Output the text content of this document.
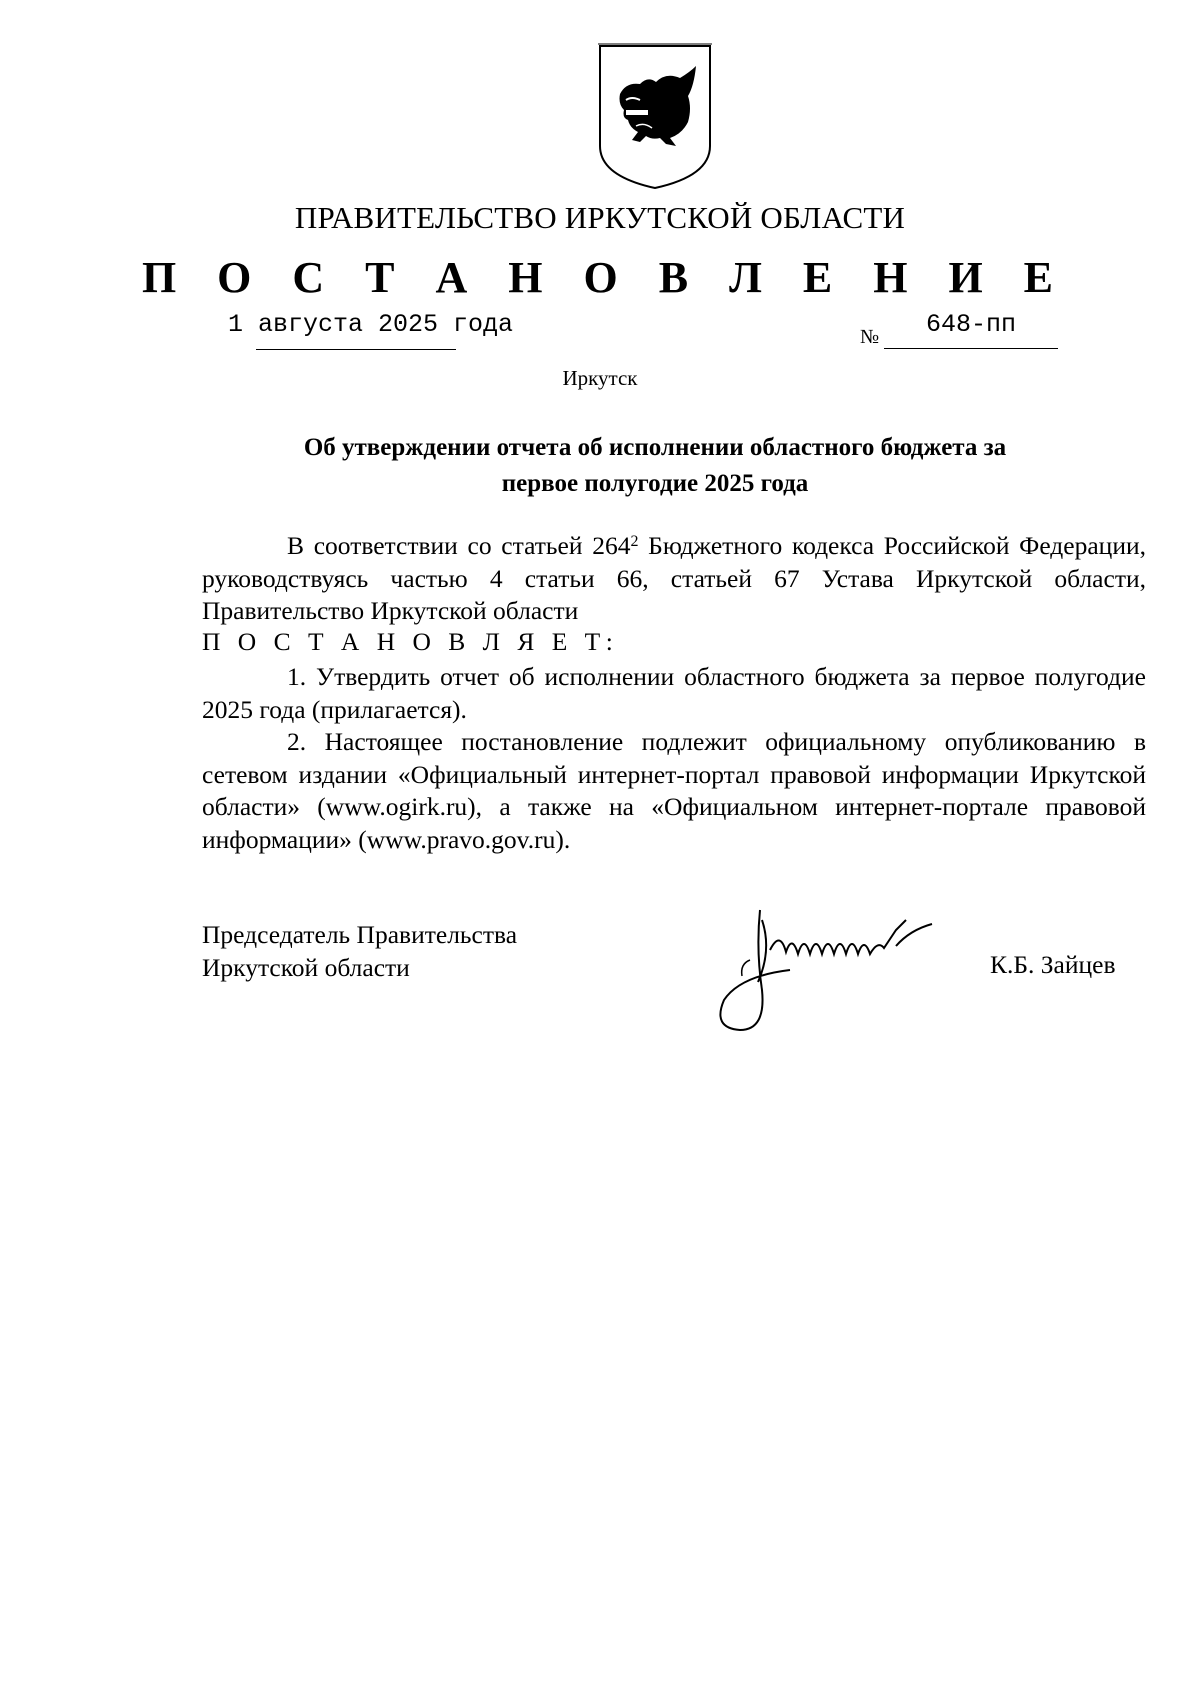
ПРАВИТЕЛЬСТВО ИРКУТСКОЙ ОБЛАСТИ
П О С Т А Н О В Л Е Н И Е
1 августа 2025 года	№ 648-пп
Иркутск
Об утверждении отчета об исполнении областного бюджета за
первое полугодие 2025 года

В соответствии со статьей $264^2$ Бюджетного кодекса Российской Федерации, руководствуясь частью 4 статьи 66, статьей 67 Устава Иркутской области, Правительство Иркутской области

П О С Т А Н О В Л Я Е Т:

1. Утвердить отчет об исполнении областного бюджета за первое полугодие 2025 года (прилагается).

2. Настоящее постановление подлежит официальному опубликованию в сетевом издании «Официальный интернет-портал правовой информации Иркутской области» (www.ogirk.ru), а также на «Официальном интернет-портале правовой информации» (www.pravo.gov.ru).

Председатель Правительства
Иркутской области	К.Б. Зайцев
